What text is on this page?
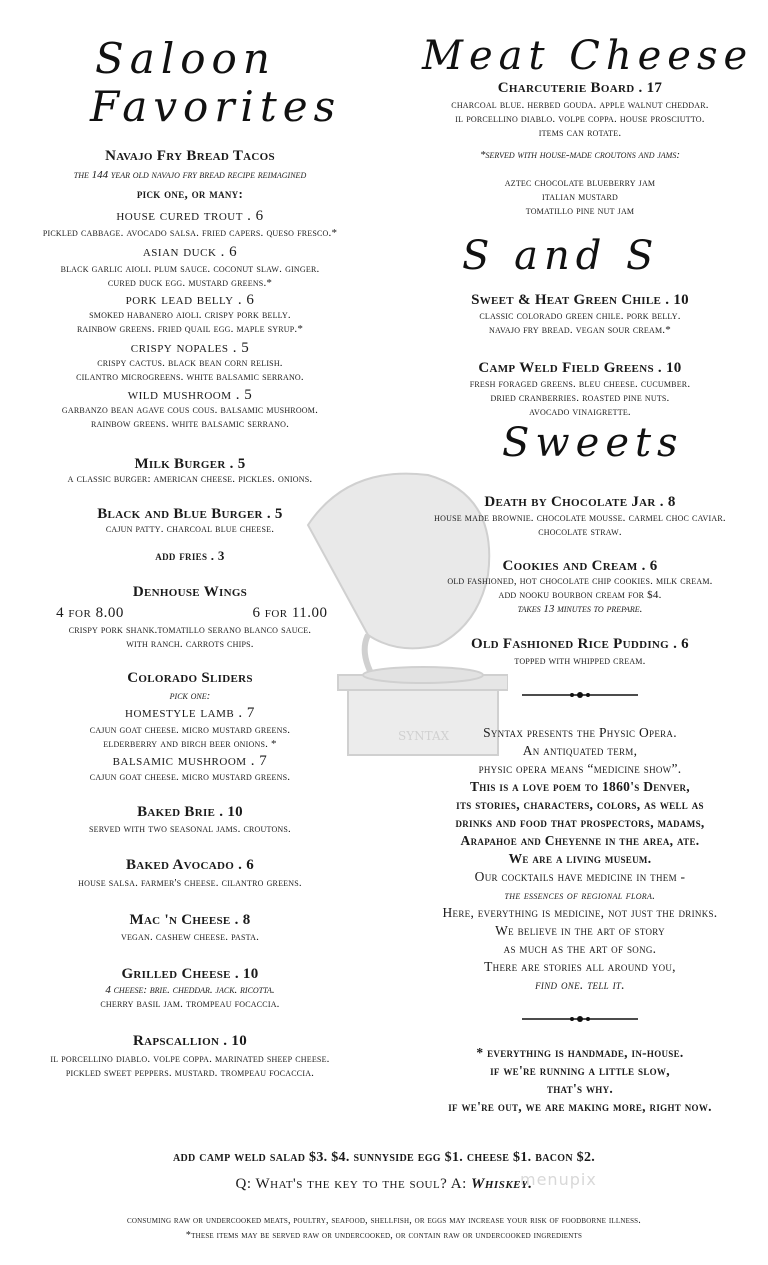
SYNTAX
Saloon
Favorites
Navajo Fry Bread Tacos
the 144 year old navajo fry bread recipe reimagined
pick one, or many:
house cured trout . 6
pickled cabbage. avocado salsa. fried capers. queso fresco.*
asian duck . 6
black garlic aioli. plum sauce. coconut slaw. ginger.
cured duck egg. mustard greens.*
pork lead belly . 6
smoked habanero aioli. crispy pork belly.
rainbow greens. fried quail egg. maple syrup.*
crispy nopales . 5
crispy cactus. black bean corn relish.
cilantro microgreens. white balsamic serrano.
wild mushroom . 5
garbanzo bean agave cous cous. balsamic mushroom.
rainbow greens. white balsamic serrano.
Milk Burger . 5
a classic burger: american cheese. pickles. onions.
Black and Blue Burger . 5
cajun patty. charcoal blue cheese.
add fries . 3
Denhouse Wings
4 for 8.00	6 for 11.00
crispy pork shank.tomatillo serano blanco sauce.
with ranch. carrots chips.
Colorado Sliders
pick one:
homestyle lamb . 7
cajun goat cheese. micro mustard greens.
elderberry and birch beer onions. *
balsamic mushroom . 7
cajun goat cheese. micro mustard greens.
Baked Brie . 10
served with two seasonal jams. croutons.
Baked Avocado . 6
house salsa. farmer's cheese. cilantro greens.
Mac 'n Cheese . 8
vegan. cashew cheese. pasta.
Grilled Cheese . 10
4 cheese: brie. cheddar. jack. ricotta.
cherry basil jam. trompeau focaccia.
Rapscallion . 10
il porcellino diablo. volpe coppa. marinated sheep cheese.
pickled sweet peppers. mustard. trompeau focaccia.
Meat Cheese
Charcuterie Board . 17
charcoal blue. herbed gouda. apple walnut cheddar.
il porcellino diablo. volpe coppa. house prosciutto.
items can rotate.
*served with house-made croutons and jams:
aztec chocolate blueberry jam
italian mustard
tomatillo pine nut jam
S and S
Sweet & Heat Green Chile . 10
classic colorado green chile. pork belly.
navajo fry bread. vegan sour cream.*
Camp Weld Field Greens . 10
fresh foraged greens. bleu cheese. cucumber.
dried cranberries. roasted pine nuts.
avocado vinaigrette.
Sweets
Death by Chocolate Jar . 8
house made brownie. chocolate mousse. carmel choc caviar.
chocolate straw.
Cookies and Cream . 6
old fashioned, hot chocolate chip cookies. milk cream.
add nooku bourbon cream for $4.
takes 13 minutes to prepare.
Old Fashioned Rice Pudding . 6
topped with whipped cream.
Syntax presents the Physic Opera.
An antiquated term,
physic opera means “medicine show”.
This is a love poem to 1860's Denver,
its stories, characters, colors, as well as
drinks and food that prospectors, madams,
Arapahoe and Cheyenne in the area, ate.
We are a living museum.
Our cocktails have medicine in them -
the essences of regional flora.
Here, everything is medicine, not just the drinks.
We believe in the art of story
as much as the art of song.
There are stories all around you,
find one. tell it.
* everything is handmade, in-house.
if we're running a little slow,
that's why.
if we're out, we are making more, right now.
add camp weld salad $3. $4. sunnyside egg $1. cheese $1. bacon $2.
Q: What's the key to the soul? A: Whiskey.
consuming raw or undercooked meats, poultry, seafood, shellfish, or eggs may increase your risk of foodborne illness.
*these items may be served raw or undercooked, or contain raw or undercooked ingredients
menupix
